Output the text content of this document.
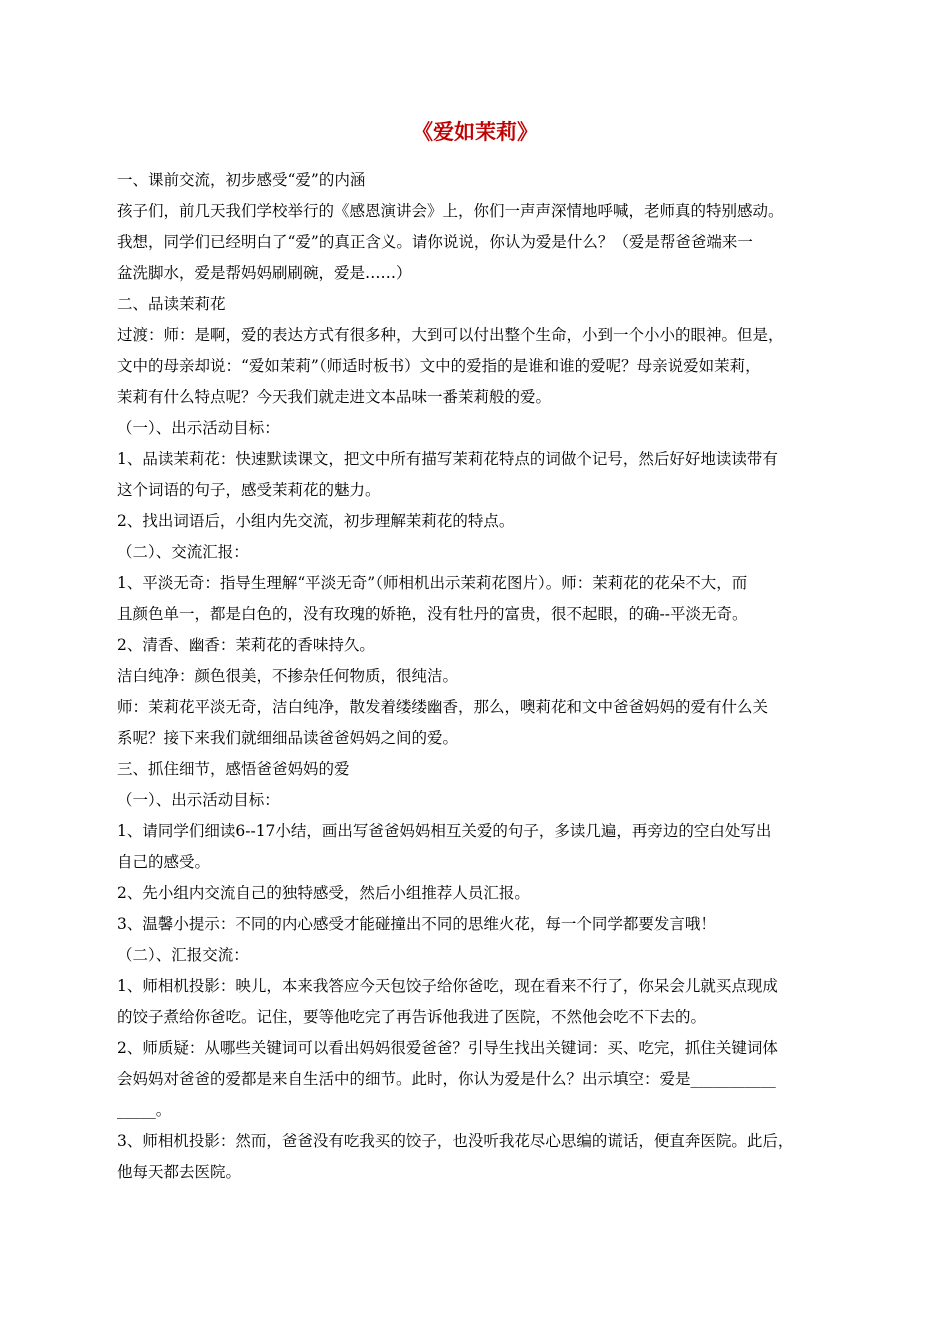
《爱如茉莉》
一、课前交流，初步感受“爱”的内涵
孩子们，前几天我们学校举行的《感恩演讲会》上，你们一声声深情地呼喊，老师真的特别感动。
我想，同学们已经明白了“爱”的真正含义。请你说说，你认为爱是什么？（爱是帮爸爸端来一
盆洗脚水，爱是帮妈妈刷刷碗，爱是……）
二、品读茉莉花
过渡：师：是啊，爱的表达方式有很多种，大到可以付出整个生命，小到一个小小的眼神。但是，
文中的母亲却说：“爱如茉莉”（师适时板书）文中的爱指的是谁和谁的爱呢？母亲说爱如茉莉，
茉莉有什么特点呢？今天我们就走进文本品味一番茉莉般的爱。
（一）、出示活动目标：
1、品读茉莉花：快速默读课文，把文中所有描写茉莉花特点的词做个记号，然后好好地读读带有
这个词语的句子，感受茉莉花的魅力。
2、找出词语后，小组内先交流，初步理解茉莉花的特点。
（二）、交流汇报：
1、平淡无奇：指导生理解“平淡无奇”（师相机出示茉莉花图片）。师：茉莉花的花朵不大，而
且颜色单一，都是白色的，没有玫瑰的娇艳，没有牡丹的富贵，很不起眼，的确--平淡无奇。
2、清香、幽香：茉莉花的香味持久。
洁白纯净：颜色很美，不掺杂任何物质，很纯洁。
师：茉莉花平淡无奇，洁白纯净，散发着缕缕幽香，那么，噢莉花和文中爸爸妈妈的爱有什么关
系呢？接下来我们就细细品读爸爸妈妈之间的爱。
三、抓住细节，感悟爸爸妈妈的爱
（一）、出示活动目标：
1、请同学们细读6--17小结，画出写爸爸妈妈相互关爱的句子，多读几遍，再旁边的空白处写出
自己的感受。
2、先小组内交流自己的独特感受，然后小组推荐人员汇报。
3、温馨小提示：不同的内心感受才能碰撞出不同的思维火花，每一个同学都要发言哦！
（二）、汇报交流：
1、师相机投影：映儿，本来我答应今天包饺子给你爸吃，现在看来不行了，你呆会儿就买点现成
的饺子煮给你爸吃。记住，要等他吃完了再告诉他我进了医院，不然他会吃不下去的。
2、师质疑：从哪些关键词可以看出妈妈很爱爸爸？引导生找出关键词：买、吃完，抓住关键词体
会妈妈对爸爸的爱都是来自生活中的细节。此时，你认为爱是什么？出示填空：爱是___________
_____。
3、师相机投影：然而，爸爸没有吃我买的饺子，也没听我花尽心思编的谎话，便直奔医院。此后，
他每天都去医院。
